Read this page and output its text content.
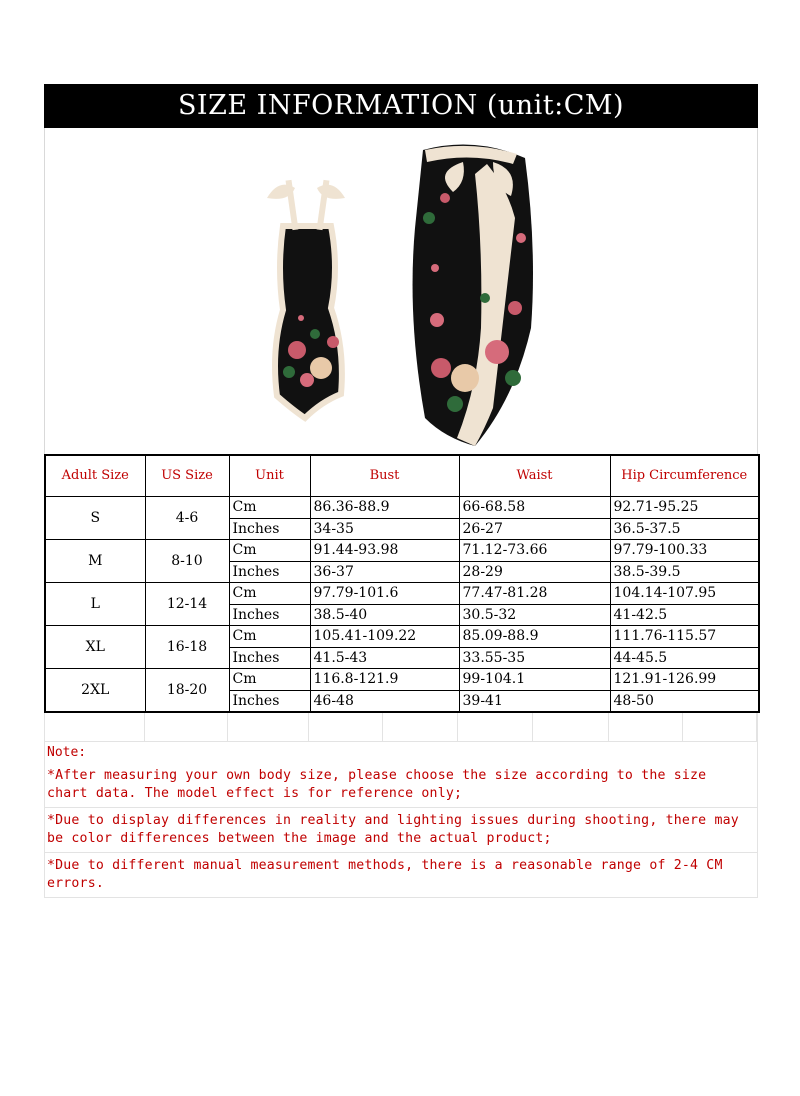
SIZE INFORMATION (unit:CM)
Adult Size	US Size	Unit	Bust	Waist	Hip Circumference
S	4-6	Cm	86.36-88.9	66-68.58	92.71-95.25
		Inches	34-35	26-27	36.5-37.5
M	8-10	Cm	91.44-93.98	71.12-73.66	97.79-100.33
		Inches	36-37	28-29	38.5-39.5
L	12-14	Cm	97.79-101.6	77.47-81.28	104.14-107.95
		Inches	38.5-40	30.5-32	41-42.5
XL	16-18	Cm	105.41-109.22	85.09-88.9	111.76-115.57
		Inches	41.5-43	33.55-35	44-45.5
2XL	18-20	Cm	116.8-121.9	99-104.1	121.91-126.99
		Inches	46-48	39-41	48-50
Note:
*After measuring your own body size, please choose the size according to the size chart data. The model effect is for reference only;
*Due to display differences in reality and lighting issues during shooting, there may be color differences between the image and the actual product;
*Due to different manual measurement methods, there is a reasonable range of 2-4 CM errors.
